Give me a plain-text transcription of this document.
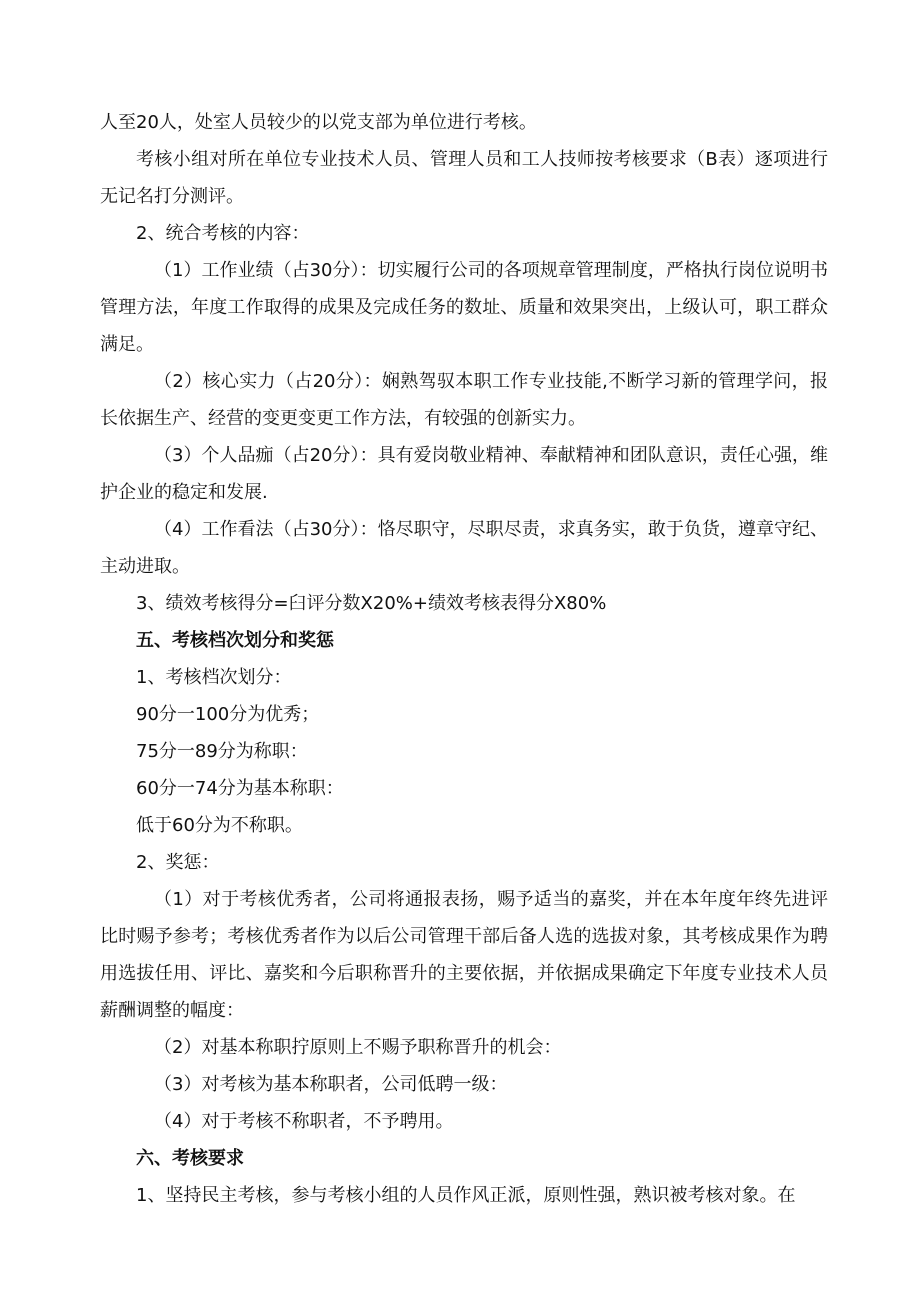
人至20人，处室人员较少的以党支部为单位进行考核。

考核小组对所在单位专业技术人员、管理人员和工人技师按考核要求（B表）逐项进行无记名打分测评。

2、统合考核的内容：

（1）工作业绩（占30分）：切实履行公司的各项规章管理制度，严格执行岗位说明书管理方法，年度工作取得的成果及完成任务的数址、质量和效果突出，上级认可，职工群众满足。

（2）核心实力（占20分）：娴熟驾驭本职工作专业技能,不断学习新的管理学问，报长依据生产、经营的变更变更工作方法，有较强的创新实力。

（3）个人品痂（占20分）：具有爱岗敬业精神、奉献精神和团队意识，责任心强，维护企业的稳定和发展.

（4）工作看法（占30分）：恪尽职守，尽职尽责，求真务实，敢于负货，遵章守纪、主动进取。

3、绩效考核得分=臼评分数X20%+绩效考核表得分X80%

五、考核档次划分和奖惩

1、考核档次划分：

90分一100分为优秀；

75分一89分为称职：

60分一74分为基本称职：

低于60分为不称职。

2、奖惩：

（1）对于考核优秀者，公司将通报表扬，赐予适当的嘉奖，并在本年度年终先进评比时赐予参考；考核优秀者作为以后公司管理干部后备人选的选拔对象，其考核成果作为聘用选拔任用、评比、嘉奖和今后职称晋升的主要依据，并依据成果确定下年度专业技术人员薪酬调整的幅度：

（2）对基本称职拧原则上不赐予职称晋升的机会：

（3）对考核为基本称职者，公司低聘一级：

（4）对于考核不称职者，不予聘用。

六、考核要求

1、坚持民主考核，参与考核小组的人员作风正派，原则性强，熟识被考核对象。在
